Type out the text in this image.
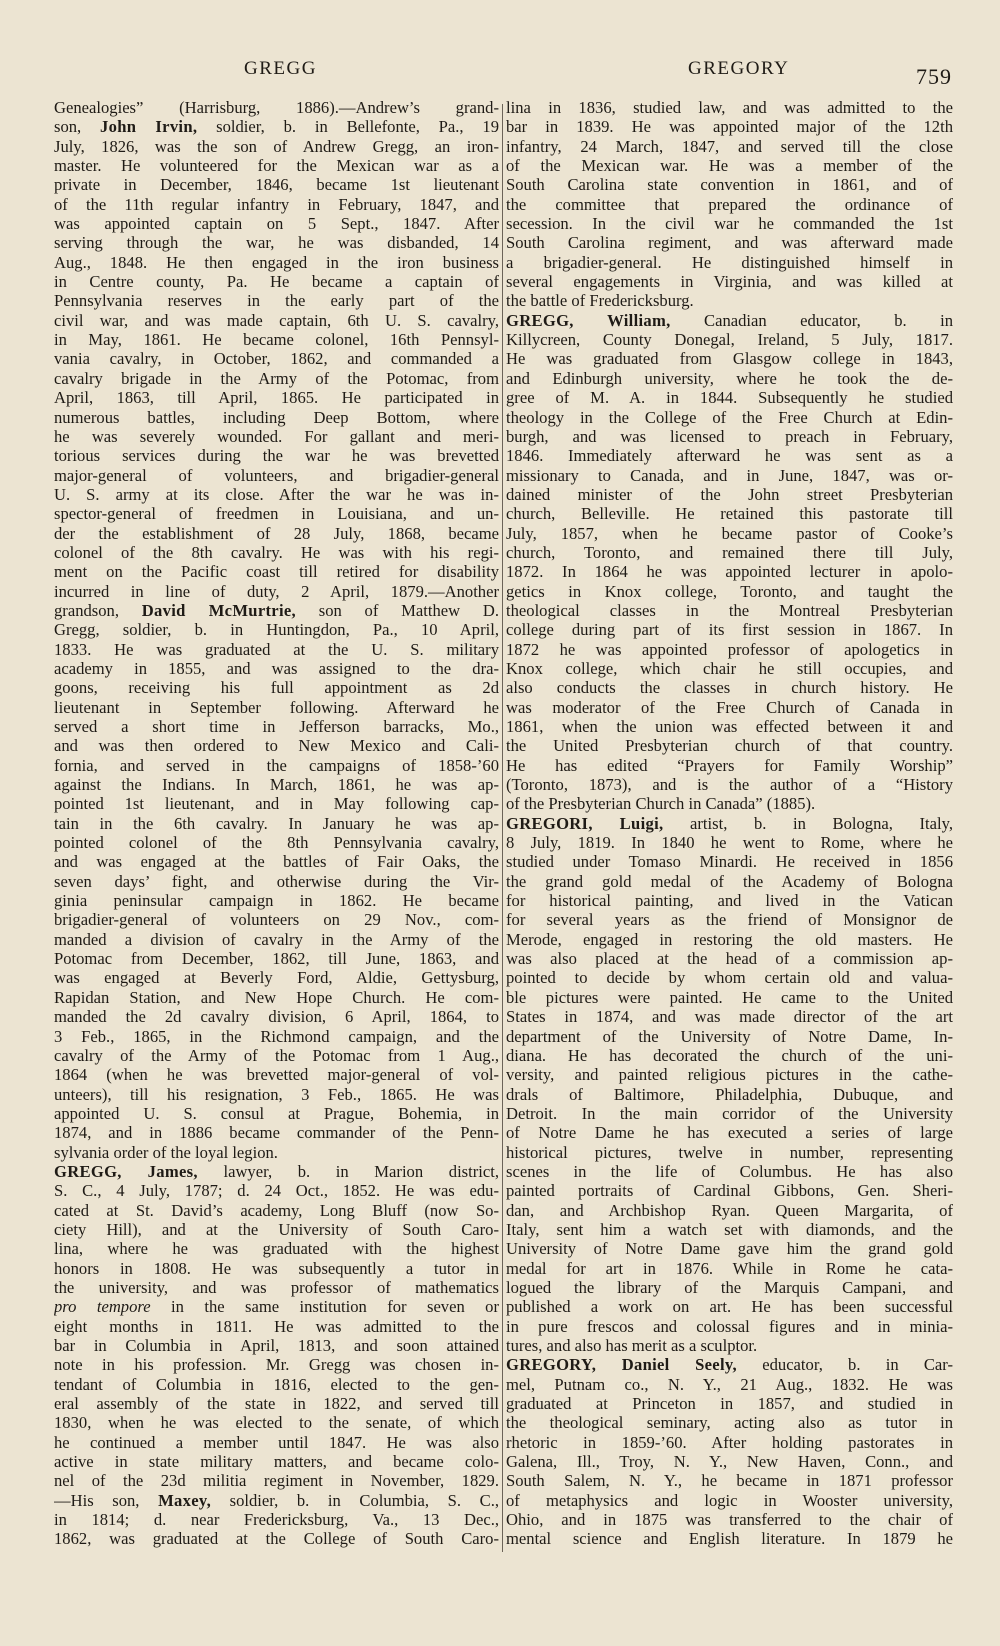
GREGG	GREGORY	759
Genealogies” (Harrisburg, 1886).—Andrew’s grand-
son, John Irvin, soldier, b. in Bellefonte, Pa., 19
July, 1826, was the son of Andrew Gregg, an iron-
master. He volunteered for the Mexican war as a
private in December, 1846, became 1st lieutenant
of the 11th regular infantry in February, 1847, and
was appointed captain on 5 Sept., 1847. After
serving through the war, he was disbanded, 14
Aug., 1848. He then engaged in the iron business
in Centre county, Pa. He became a captain of
Pennsylvania reserves in the early part of the
civil war, and was made captain, 6th U. S. cavalry,
in May, 1861. He became colonel, 16th Pennsyl-
vania cavalry, in October, 1862, and commanded a
cavalry brigade in the Army of the Potomac, from
April, 1863, till April, 1865. He participated in
numerous battles, including Deep Bottom, where
he was severely wounded. For gallant and meri-
torious services during the war he was brevetted
major-general of volunteers, and brigadier-general
U. S. army at its close. After the war he was in-
spector-general of freedmen in Louisiana, and un-
der the establishment of 28 July, 1868, became
colonel of the 8th cavalry. He was with his regi-
ment on the Pacific coast till retired for disability
incurred in line of duty, 2 April, 1879.—Another
grandson, David McMurtrie, son of Matthew D.
Gregg, soldier, b. in Huntingdon, Pa., 10 April,
1833. He was graduated at the U. S. military
academy in 1855, and was assigned to the dra-
goons, receiving his full appointment as 2d
lieutenant in September following. Afterward he
served a short time in Jefferson barracks, Mo.,
and was then ordered to New Mexico and Cali-
fornia, and served in the campaigns of 1858-’60
against the Indians. In March, 1861, he was ap-
pointed 1st lieutenant, and in May following cap-
tain in the 6th cavalry. In January he was ap-
pointed colonel of the 8th Pennsylvania cavalry,
and was engaged at the battles of Fair Oaks, the
seven days’ fight, and otherwise during the Vir-
ginia peninsular campaign in 1862. He became
brigadier-general of volunteers on 29 Nov., com-
manded a division of cavalry in the Army of the
Potomac from December, 1862, till June, 1863, and
was engaged at Beverly Ford, Aldie, Gettysburg,
Rapidan Station, and New Hope Church. He com-
manded the 2d cavalry division, 6 April, 1864, to
3 Feb., 1865, in the Richmond campaign, and the
cavalry of the Army of the Potomac from 1 Aug.,
1864 (when he was brevetted major-general of vol-
unteers), till his resignation, 3 Feb., 1865. He was
appointed U. S. consul at Prague, Bohemia, in
1874, and in 1886 became commander of the Penn-
sylvania order of the loyal legion.
GREGG, James, lawyer, b. in Marion district,
S. C., 4 July, 1787; d. 24 Oct., 1852. He was edu-
cated at St. David’s academy, Long Bluff (now So-
ciety Hill), and at the University of South Caro-
lina, where he was graduated with the highest
honors in 1808. He was subsequently a tutor in
the university, and was professor of mathematics
pro tempore in the same institution for seven or
eight months in 1811. He was admitted to the
bar in Columbia in April, 1813, and soon attained
note in his profession. Mr. Gregg was chosen in-
tendant of Columbia in 1816, elected to the gen-
eral assembly of the state in 1822, and served till
1830, when he was elected to the senate, of which
he continued a member until 1847. He was also
active in state military matters, and became colo-
nel of the 23d militia regiment in November, 1829.
—His son, Maxey, soldier, b. in Columbia, S. C.,
in 1814; d. near Fredericksburg, Va., 13 Dec.,
1862, was graduated at the College of South Caro-
lina in 1836, studied law, and was admitted to the
bar in 1839. He was appointed major of the 12th
infantry, 24 March, 1847, and served till the close
of the Mexican war. He was a member of the
South Carolina state convention in 1861, and of
the committee that prepared the ordinance of
secession. In the civil war he commanded the 1st
South Carolina regiment, and was afterward made
a brigadier-general. He distinguished himself in
several engagements in Virginia, and was killed at
the battle of Fredericksburg.
GREGG, William, Canadian educator, b. in
Killycreen, County Donegal, Ireland, 5 July, 1817.
He was graduated from Glasgow college in 1843,
and Edinburgh university, where he took the de-
gree of M. A. in 1844. Subsequently he studied
theology in the College of the Free Church at Edin-
burgh, and was licensed to preach in February,
1846. Immediately afterward he was sent as a
missionary to Canada, and in June, 1847, was or-
dained minister of the John street Presbyterian
church, Belleville. He retained this pastorate till
July, 1857, when he became pastor of Cooke’s
church, Toronto, and remained there till July,
1872. In 1864 he was appointed lecturer in apolo-
getics in Knox college, Toronto, and taught the
theological classes in the Montreal Presbyterian
college during part of its first session in 1867. In
1872 he was appointed professor of apologetics in
Knox college, which chair he still occupies, and
also conducts the classes in church history. He
was moderator of the Free Church of Canada in
1861, when the union was effected between it and
the United Presbyterian church of that country.
He has edited “Prayers for Family Worship”
(Toronto, 1873), and is the author of a “History
of the Presbyterian Church in Canada” (1885).
GREGORI, Luigi, artist, b. in Bologna, Italy,
8 July, 1819. In 1840 he went to Rome, where he
studied under Tomaso Minardi. He received in 1856
the grand gold medal of the Academy of Bologna
for historical painting, and lived in the Vatican
for several years as the friend of Monsignor de
Merode, engaged in restoring the old masters. He
was also placed at the head of a commission ap-
pointed to decide by whom certain old and valua-
ble pictures were painted. He came to the United
States in 1874, and was made director of the art
department of the University of Notre Dame, In-
diana. He has decorated the church of the uni-
versity, and painted religious pictures in the cathe-
drals of Baltimore, Philadelphia, Dubuque, and
Detroit. In the main corridor of the University
of Notre Dame he has executed a series of large
historical pictures, twelve in number, representing
scenes in the life of Columbus. He has also
painted portraits of Cardinal Gibbons, Gen. Sheri-
dan, and Archbishop Ryan. Queen Margarita, of
Italy, sent him a watch set with diamonds, and the
University of Notre Dame gave him the grand gold
medal for art in 1876. While in Rome he cata-
logued the library of the Marquis Campani, and
published a work on art. He has been successful
in pure frescos and colossal figures and in minia-
tures, and also has merit as a sculptor.
GREGORY, Daniel Seely, educator, b. in Car-
mel, Putnam co., N. Y., 21 Aug., 1832. He was
graduated at Princeton in 1857, and studied in
the theological seminary, acting also as tutor in
rhetoric in 1859-’60. After holding pastorates in
Galena, Ill., Troy, N. Y., New Haven, Conn., and
South Salem, N. Y., he became in 1871 professor
of metaphysics and logic in Wooster university,
Ohio, and in 1875 was transferred to the chair of
mental science and English literature. In 1879 he
